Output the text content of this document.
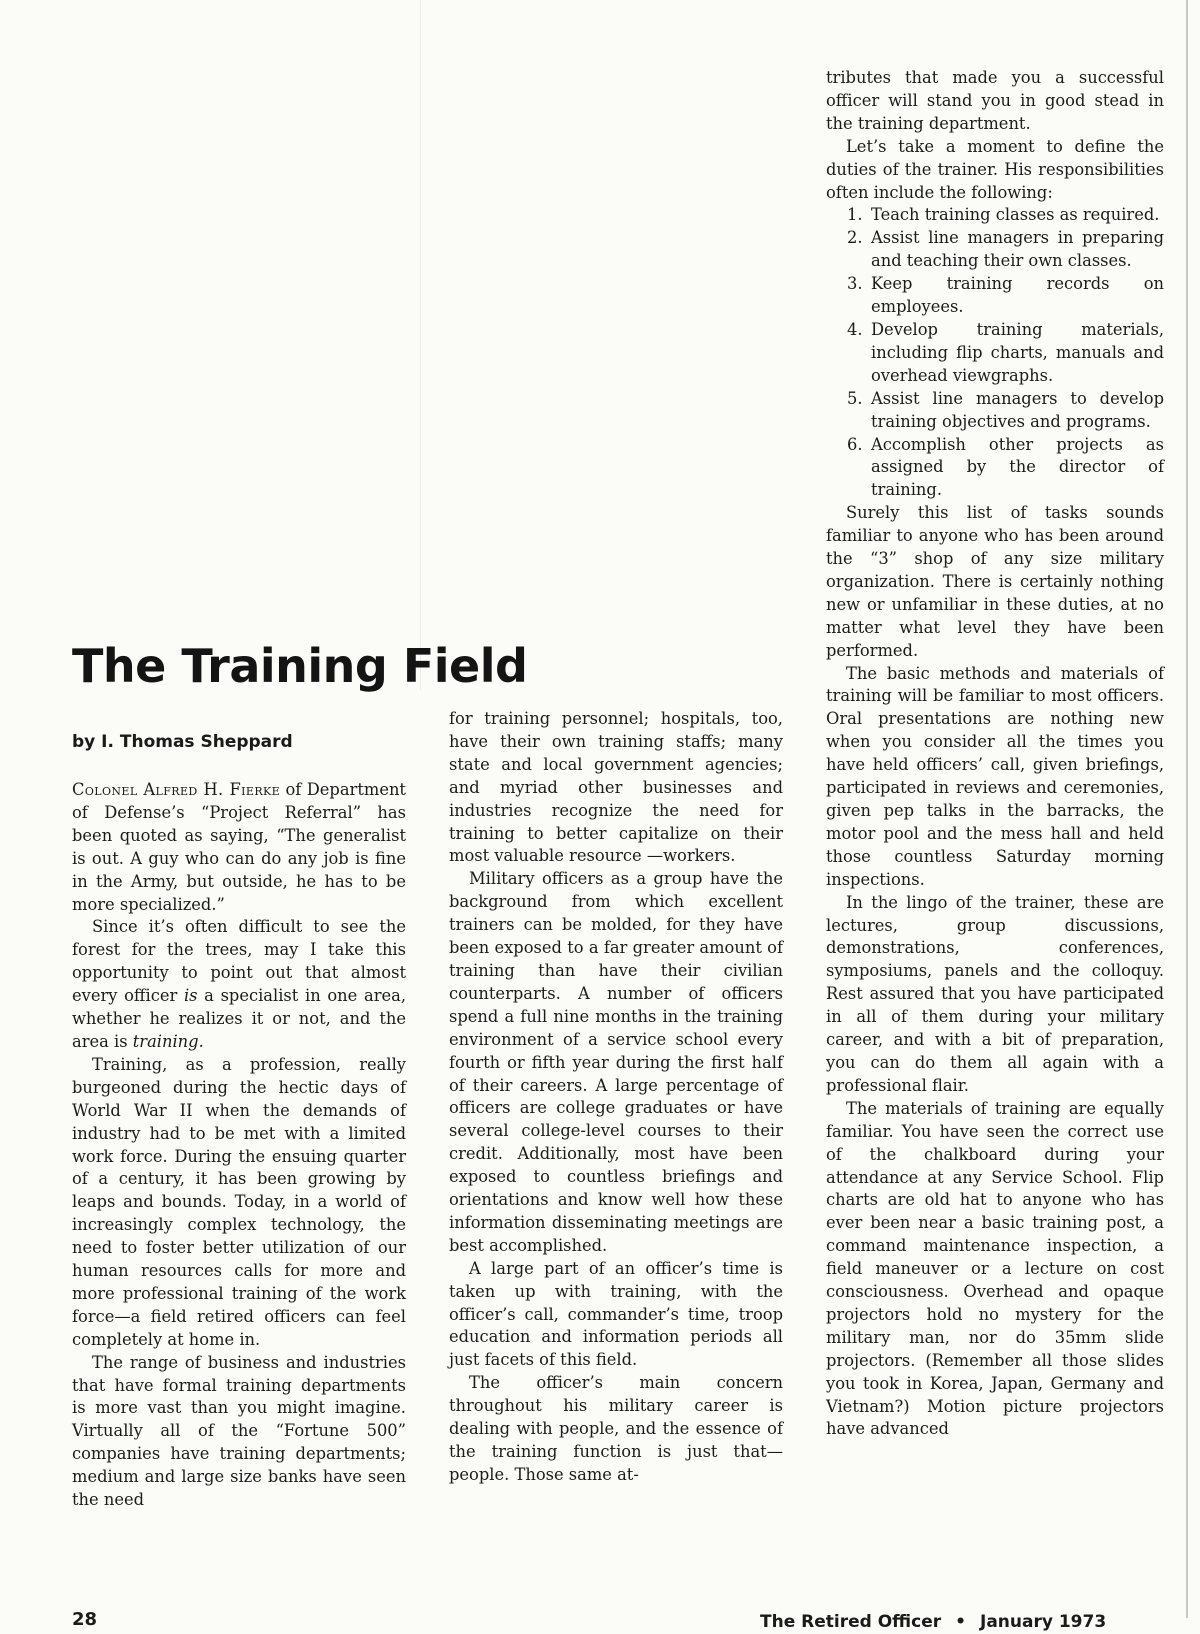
The Training Field
by I. Thomas Sheppard

Colonel Alfred H. Fierke of Department of Defense’s “Project Referral” has been quoted as saying, “The generalist is out. A guy who can do any job is fine in the Army, but outside, he has to be more specialized.”

Since it’s often difficult to see the forest for the trees, may I take this opportunity to point out that almost every officer is a specialist in one area, whether he realizes it or not, and the area is training.

Training, as a profession, really burgeoned during the hectic days of World War II when the demands of industry had to be met with a limited work force. During the ensuing quarter of a century, it has been growing by leaps and bounds. Today, in a world of increasingly complex technology, the need to foster better utilization of our human resources calls for more and more professional training of the work force—a field retired officers can feel completely at home in.

The range of business and industries that have formal training departments is more vast than you might imagine. Virtually all of the “Fortune 500” companies have training departments; medium and large size banks have seen the need

for training personnel; hospitals, too, have their own training staffs; many state and local government agencies; and myriad other businesses and industries recognize the need for training to better capitalize on their most valuable resource —workers.

Military officers as a group have the background from which excellent trainers can be molded, for they have been exposed to a far greater amount of training than have their civilian counterparts. A number of officers spend a full nine months in the training environment of a service school every fourth or fifth year during the first half of their careers. A large percentage of officers are college graduates or have several college-level courses to their credit. Additionally, most have been exposed to countless briefings and orientations and know well how these information disseminating meetings are best accomplished.

A large part of an officer’s time is taken up with training, with the officer’s call, commander’s time, troop education and information periods all just facets of this field.

The officer’s main concern throughout his military career is dealing with people, and the essence of the training function is just that—people. Those same at-

tributes that made you a successful officer will stand you in good stead in the training department.

Let’s take a moment to define the duties of the trainer. His responsibilities often include the following:

1. Teach training classes as required.
2. Assist line managers in preparing and teaching their own classes.
3. Keep training records on employees.
4. Develop training materials, including flip charts, manuals and overhead viewgraphs.
5. Assist line managers to develop training objectives and programs.
6. Accomplish other projects as assigned by the director of training.

Surely this list of tasks sounds familiar to anyone who has been around the “3” shop of any size military organization. There is certainly nothing new or unfamiliar in these duties, at no matter what level they have been performed.

The basic methods and materials of training will be familiar to most officers. Oral presentations are nothing new when you consider all the times you have held officers’ call, given briefings, participated in reviews and ceremonies, given pep talks in the barracks, the motor pool and the mess hall and held those countless Saturday morning inspections.

In the lingo of the trainer, these are lectures, group discussions, demonstrations, conferences, symposiums, panels and the colloquy. Rest assured that you have participated in all of them during your military career, and with a bit of preparation, you can do them all again with a professional flair.

The materials of training are equally familiar. You have seen the correct use of the chalkboard during your attendance at any Service School. Flip charts are old hat to anyone who has ever been near a basic training post, a command maintenance inspection, a field maneuver or a lecture on cost consciousness. Overhead and opaque projectors hold no mystery for the military man, nor do 35mm slide projectors. (Remember all those slides you took in Korea, Japan, Germany and Vietnam?) Motion picture projectors have advanced

28	The Retired Officer • January 1973
